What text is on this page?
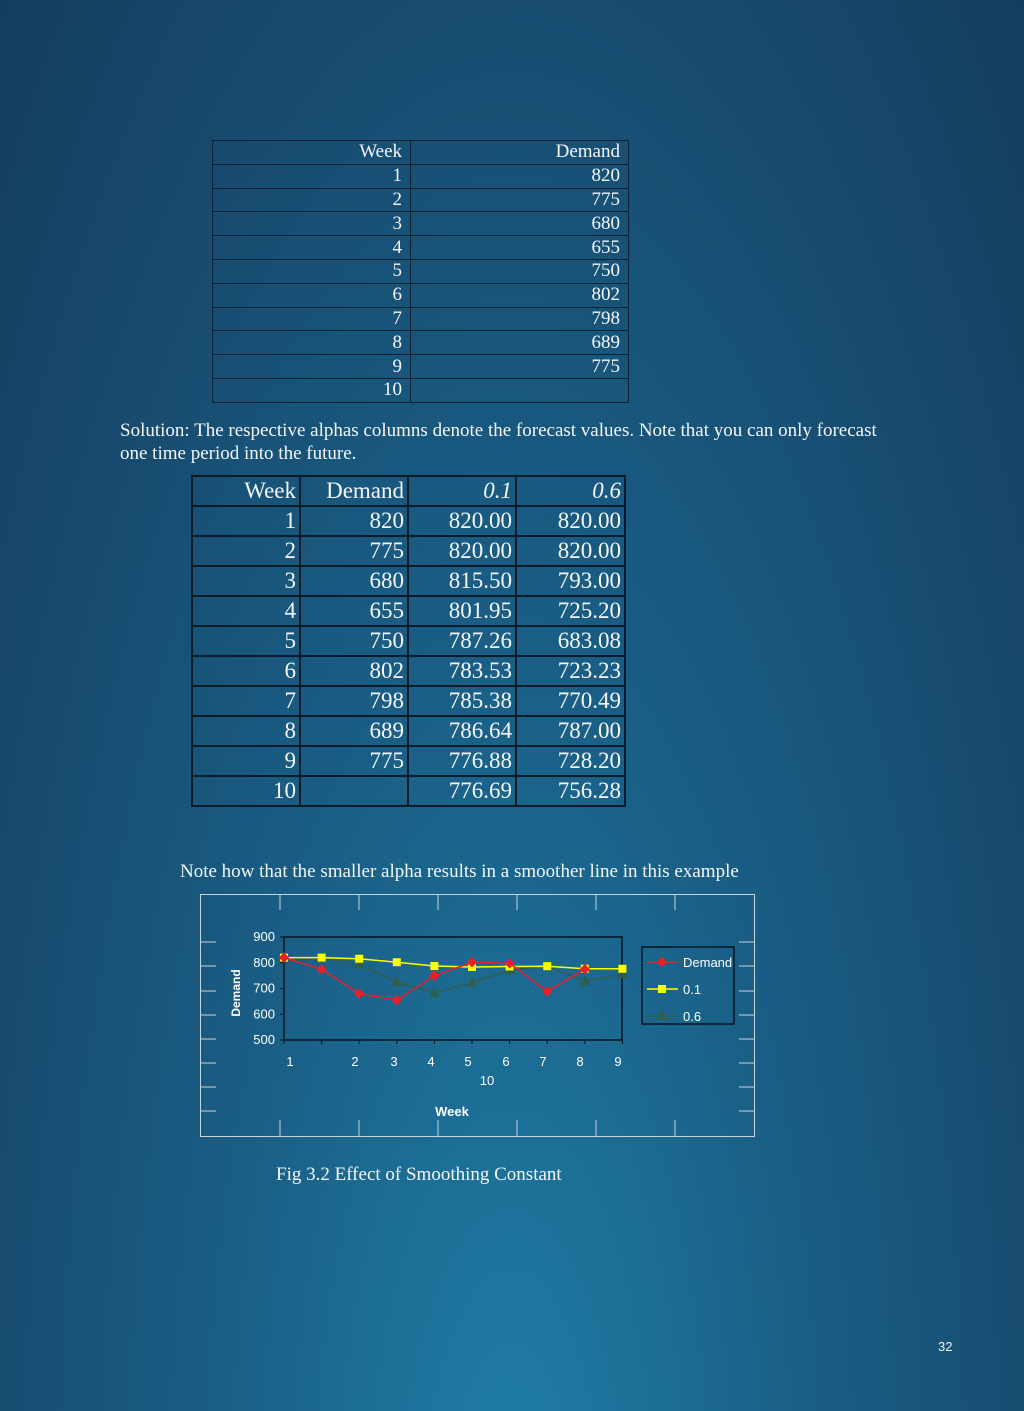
Week	Demand
1	820
2	775
3	680
4	655
5	750
6	802
7	798
8	689
9	775
10	
Solution: The respective alphas columns denote the forecast values. Note that you can only forecast one time period into the future.
Week	Demand	0.1	0.6
1	820	820.00	820.00
2	775	820.00	820.00
3	680	815.50	793.00
4	655	801.95	725.20
5	750	787.26	683.08
6	802	783.53	723.23
7	798	785.38	770.49
8	689	786.64	787.00
9	775	776.88	728.20
10		776.69	756.28
Note how that the smaller alpha results in a smoother line in this example
500
600
700
800
900
1	2 3 4 5 6
10
7 8 9
Demand
Week
Demand
0.1
0.6
Fig 3.2 Effect of Smoothing Constant
32
